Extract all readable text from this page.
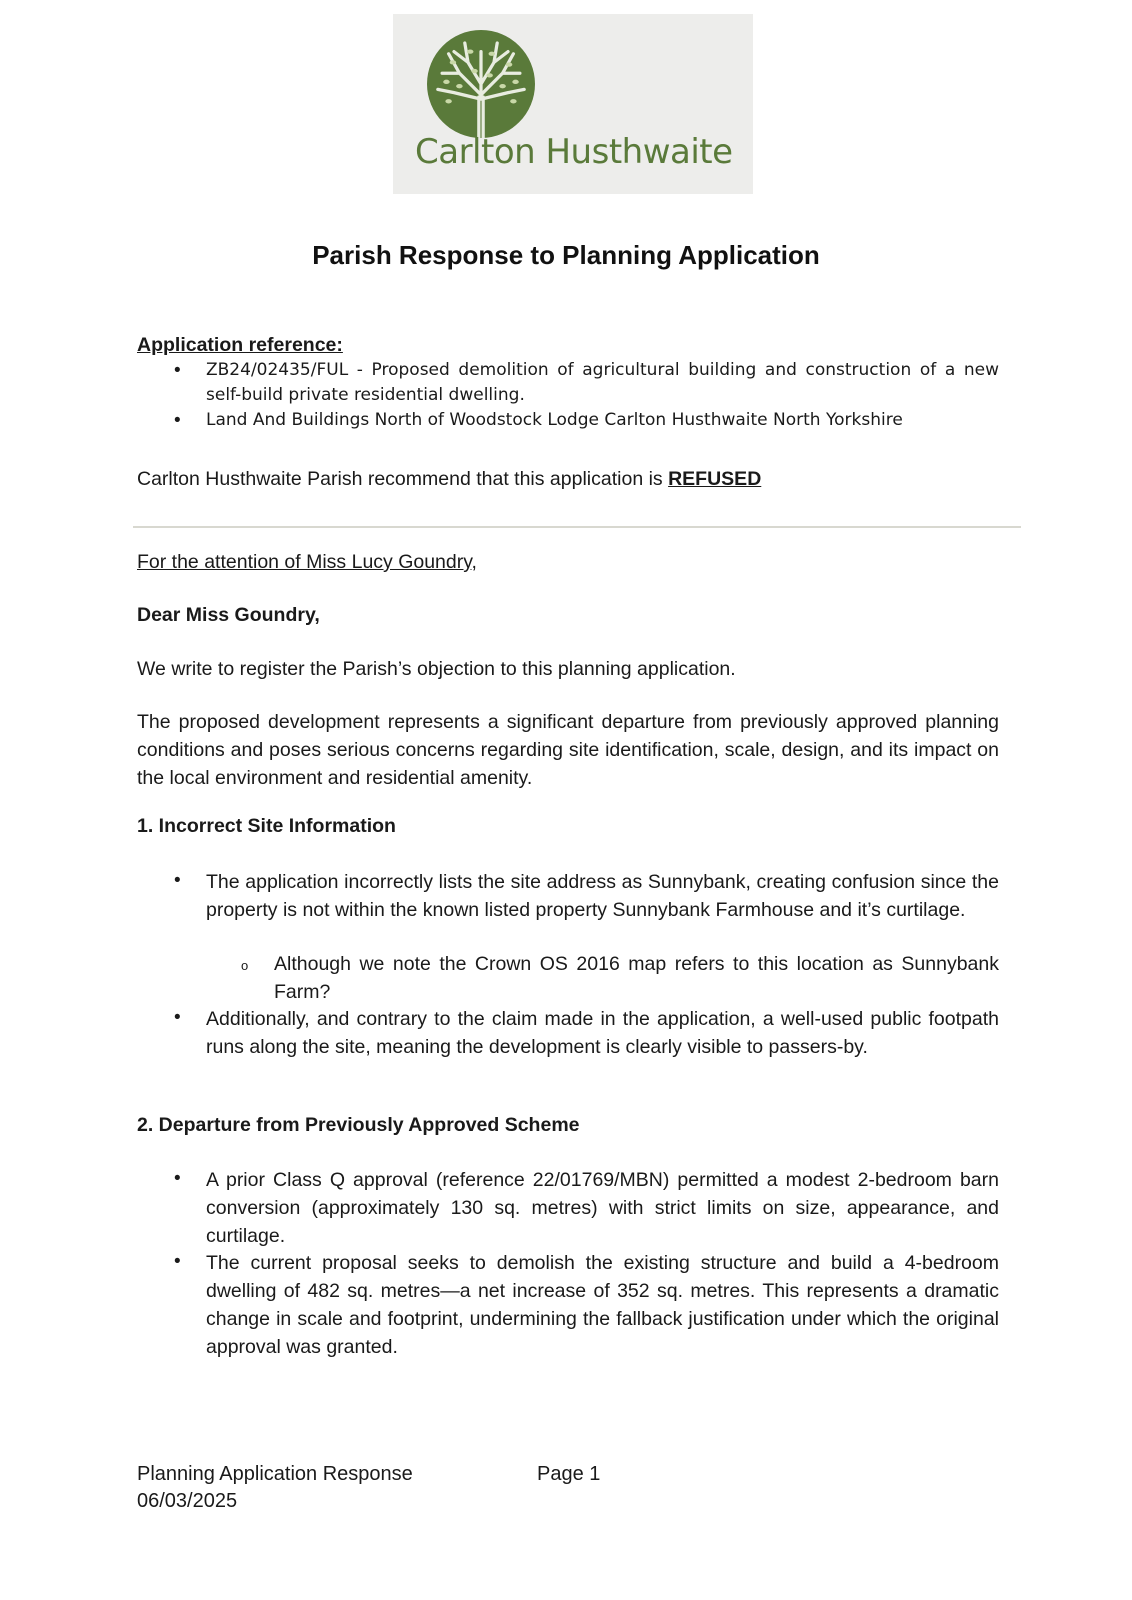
Carlton Husthwaite
Parish Response to Planning Application
Application reference:
• ZB24/02435/FUL - Proposed demolition of agricultural building and construction of a new self-build private residential dwelling.
• Land And Buildings North of Woodstock Lodge Carlton Husthwaite North Yorkshire
Carlton Husthwaite Parish recommend that this application is REFUSED
For the attention of Miss Lucy Goundry,
Dear Miss Goundry,
We write to register the Parish’s objection to this planning application.
The proposed development represents a significant departure from previously approved planning conditions and poses serious concerns regarding site identification, scale, design, and its impact on the local environment and residential amenity.
1. Incorrect Site Information
• The application incorrectly lists the site address as Sunnybank, creating confusion since the property is not within the known listed property Sunnybank Farmhouse and it’s curtilage.
o Although we note the Crown OS 2016 map refers to this location as Sunnybank Farm?
• Additionally, and contrary to the claim made in the application, a well-used public footpath runs along the site, meaning the development is clearly visible to passers-by.
2. Departure from Previously Approved Scheme
• A prior Class Q approval (reference 22/01769/MBN) permitted a modest 2-bedroom barn conversion (approximately 130 sq. metres) with strict limits on size, appearance, and curtilage.
• The current proposal seeks to demolish the existing structure and build a 4-bedroom dwelling of 482 sq. metres—a net increase of 352 sq. metres. This represents a dramatic change in scale and footprint, undermining the fallback justification under which the original approval was granted.
Planning Application Response
06/03/2025
Page 1
